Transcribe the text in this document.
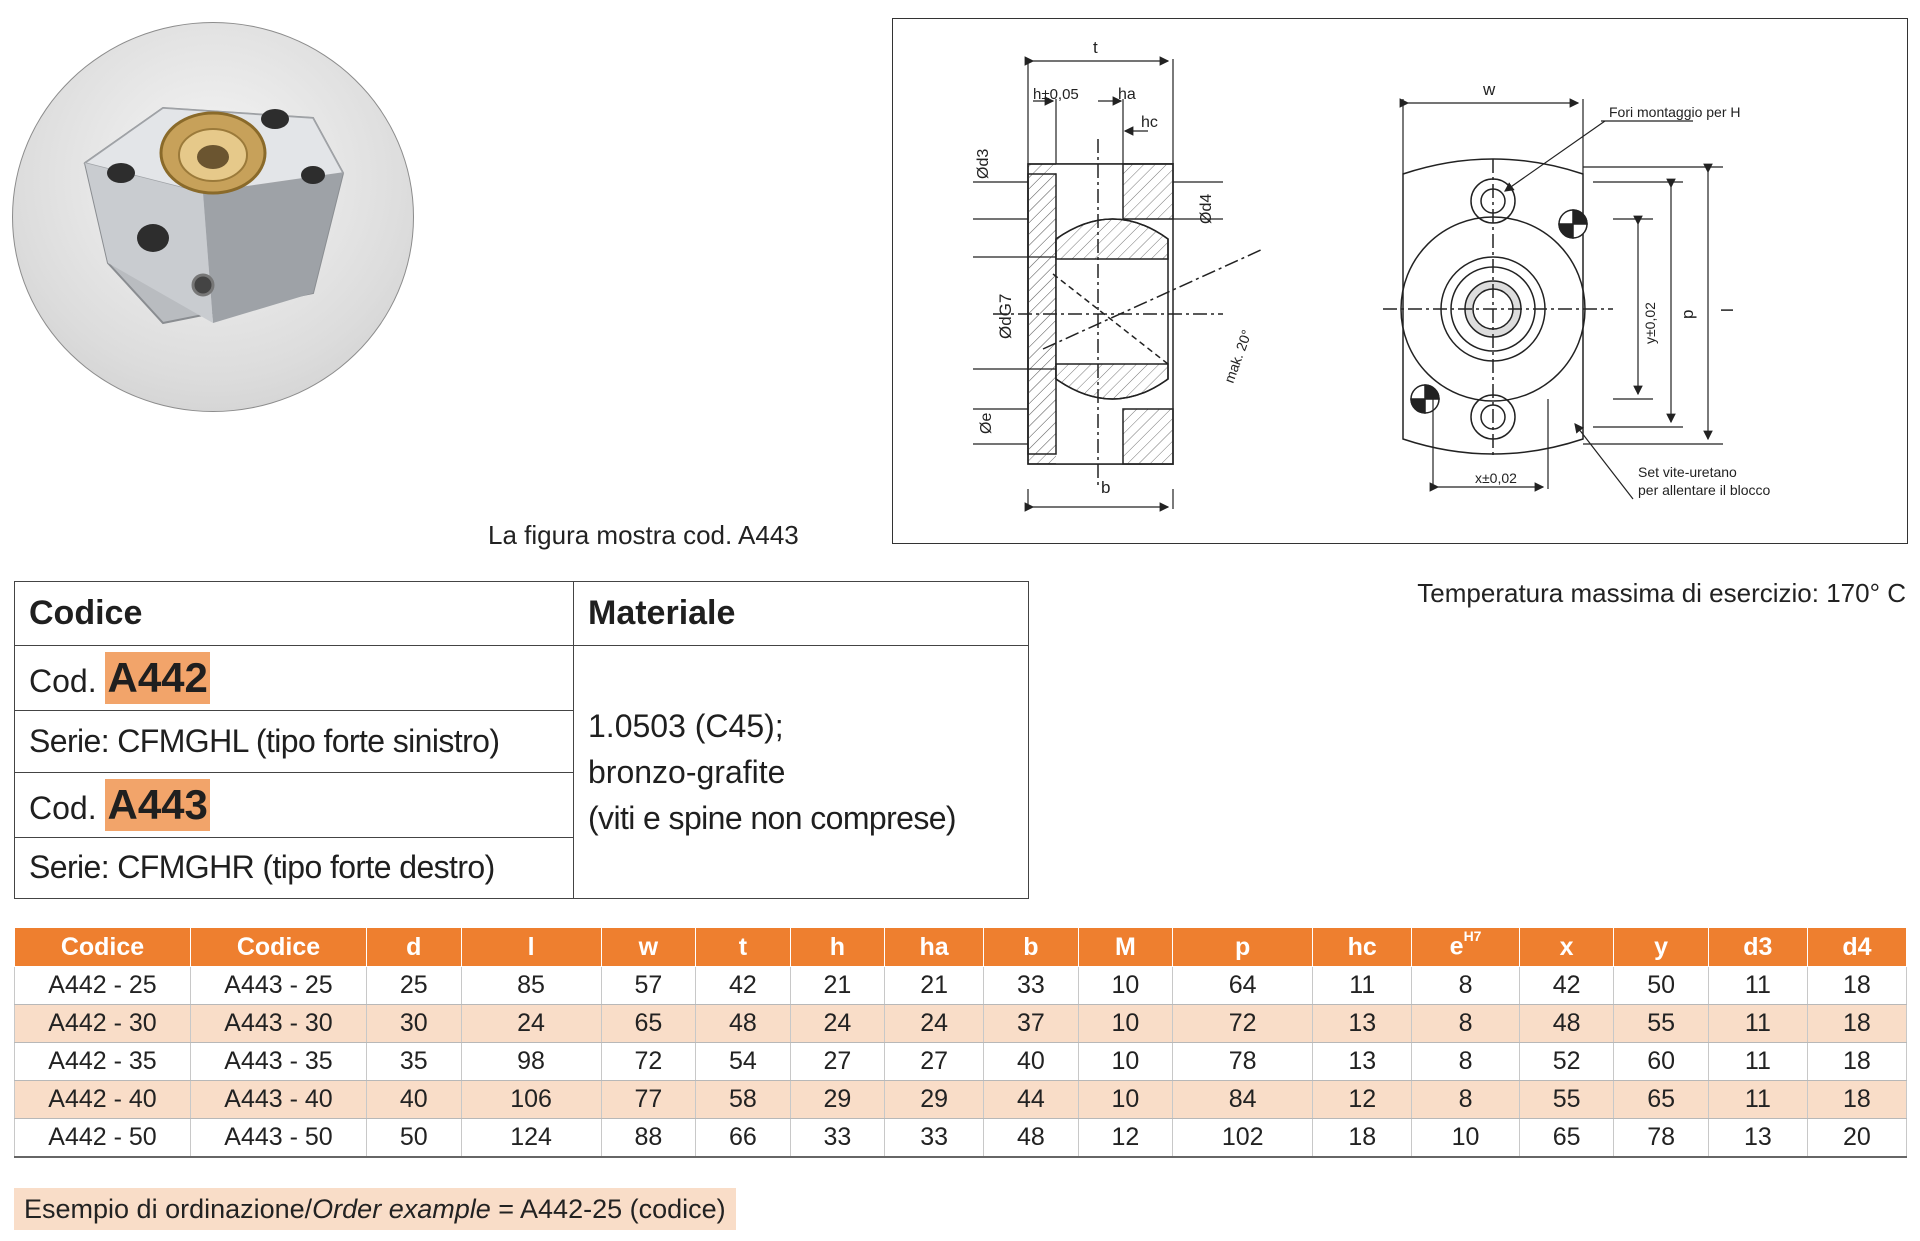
La figura mostra cod. A443
t
h±0,05 ha
hc
b
Ød3
Ød4
ØdG7
Øe
mak. 20°
w
Fori montaggio per H
y±0,02 p l
x±0,02	Set vite-uretano
per allentare il blocco
Temperatura massima di esercizio: 170° C
Codice	Materiale
Cod. A442	1.0503 (C45);
bronzo-grafite
(viti e spine non comprese)

Serie: CFMGHL (tipo forte sinistro)	
Cod. A443	
Serie: CFMGHR (tipo forte destro)	
Codice	Codice	d	l	w	t	h	ha	b	M	p	hc	$e^{H7}$	x	y	d3	d4
A442 - 25	A443 - 25	25	85	57	42	21	21	33	10	64	11	8	42	50	11	18
A442 - 30	A443 - 30	30	24	65	48	24	24	37	10	72	13	8	48	55	11	18
A442 - 35	A443 - 35	35	98	72	54	27	27	40	10	78	13	8	52	60	11	18
A442 - 40	A443 - 40	40	106	77	58	29	29	44	10	84	12	8	55	65	11	18
A442 - 50	A443 - 50	50	124	88	66	33	33	48	12	102	18	10	65	78	13	20
Esempio di ordinazione/Order example = A442-25 (codice)
